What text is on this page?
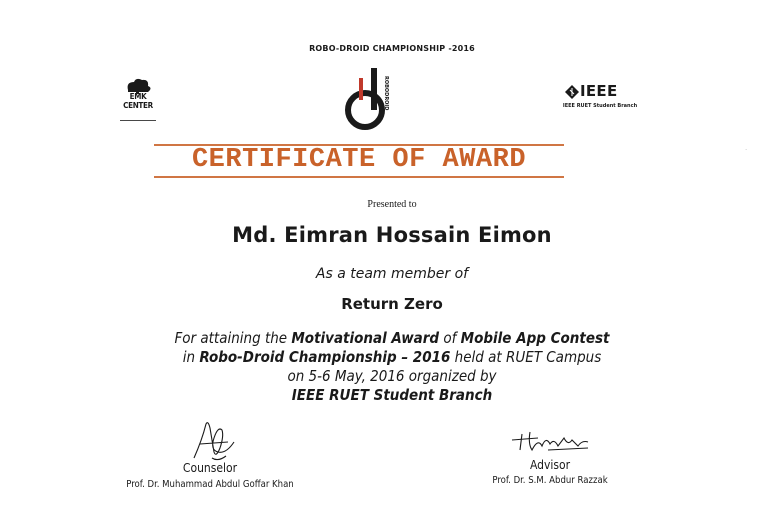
ROBO-DROID CHAMPIONSHIP -2016
EMK
CENTER	ROBODROID	IEEE
IEEE RUET Student Branch
CERTIFICATE OF AWARD
Presented to
Md. Eimran Hossain Eimon
As a team member of
Return Zero
For attaining the Motivational Award of Mobile App Contest
in Robo-Droid Championship – 2016 held at RUET Campus
on 5-6 May, 2016 organized by
IEEE RUET Student Branch
Counselor
Prof. Dr. Muhammad Abdul Goffar Khan
Advisor
Prof. Dr. S.M. Abdur Razzak
·
